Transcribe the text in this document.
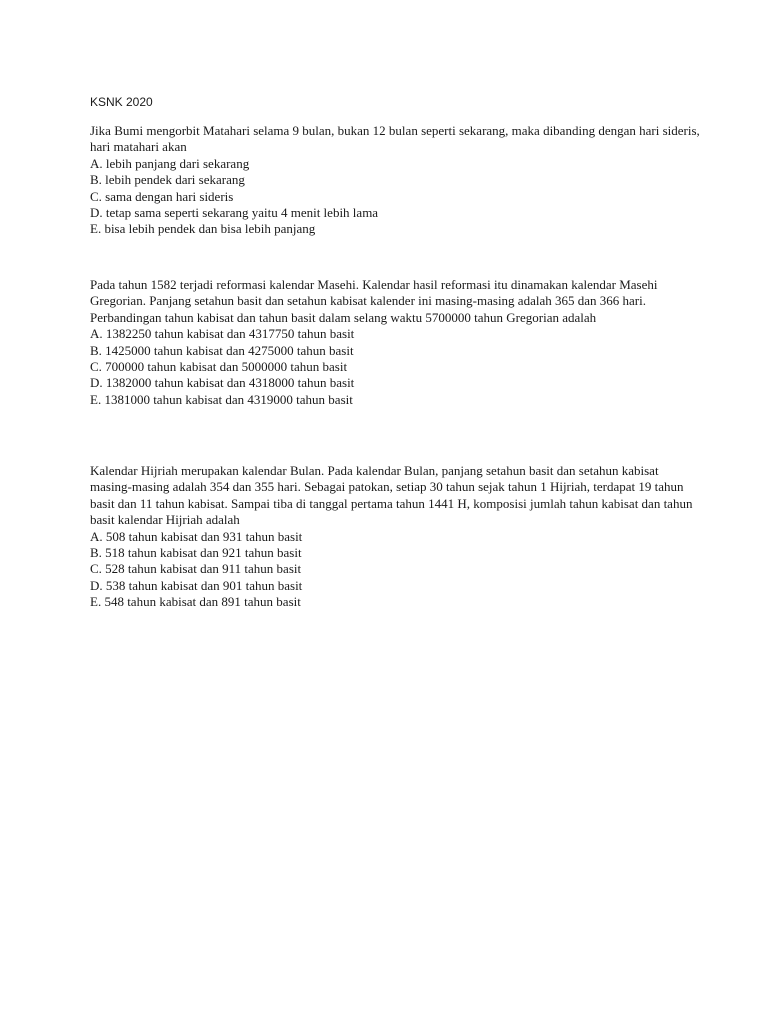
KSNK 2020

Jika Bumi mengorbit Matahari selama 9 bulan, bukan 12 bulan seperti sekarang, maka dibanding dengan hari sideris, hari matahari akan

A. lebih panjang dari sekarang
B. lebih pendek dari sekarang
C. sama dengan hari sideris
D. tetap sama seperti sekarang yaitu 4 menit lebih lama
E. bisa lebih pendek dan bisa lebih panjang

Pada tahun 1582 terjadi reformasi kalendar Masehi. Kalendar hasil reformasi itu dinamakan kalendar Masehi Gregorian. Panjang setahun basit dan setahun kabisat kalender ini masing-masing adalah 365 dan 366 hari. Perbandingan tahun kabisat dan tahun basit dalam selang waktu 5700000 tahun Gregorian adalah

A. 1382250 tahun kabisat dan 4317750 tahun basit
B. 1425000 tahun kabisat dan 4275000 tahun basit
C. 700000 tahun kabisat dan 5000000 tahun basit
D. 1382000 tahun kabisat dan 4318000 tahun basit
E. 1381000 tahun kabisat dan 4319000 tahun basit

Kalendar Hijriah merupakan kalendar Bulan. Pada kalendar Bulan, panjang setahun basit dan setahun kabisat masing-masing adalah 354 dan 355 hari. Sebagai patokan, setiap 30 tahun sejak tahun 1 Hijriah, terdapat 19 tahun basit dan 11 tahun kabisat. Sampai tiba di tanggal pertama tahun 1441 H, komposisi jumlah tahun kabisat dan tahun basit kalendar Hijriah adalah

A. 508 tahun kabisat dan 931 tahun basit
B. 518 tahun kabisat dan 921 tahun basit
C. 528 tahun kabisat dan 911 tahun basit
D. 538 tahun kabisat dan 901 tahun basit
E. 548 tahun kabisat dan 891 tahun basit
